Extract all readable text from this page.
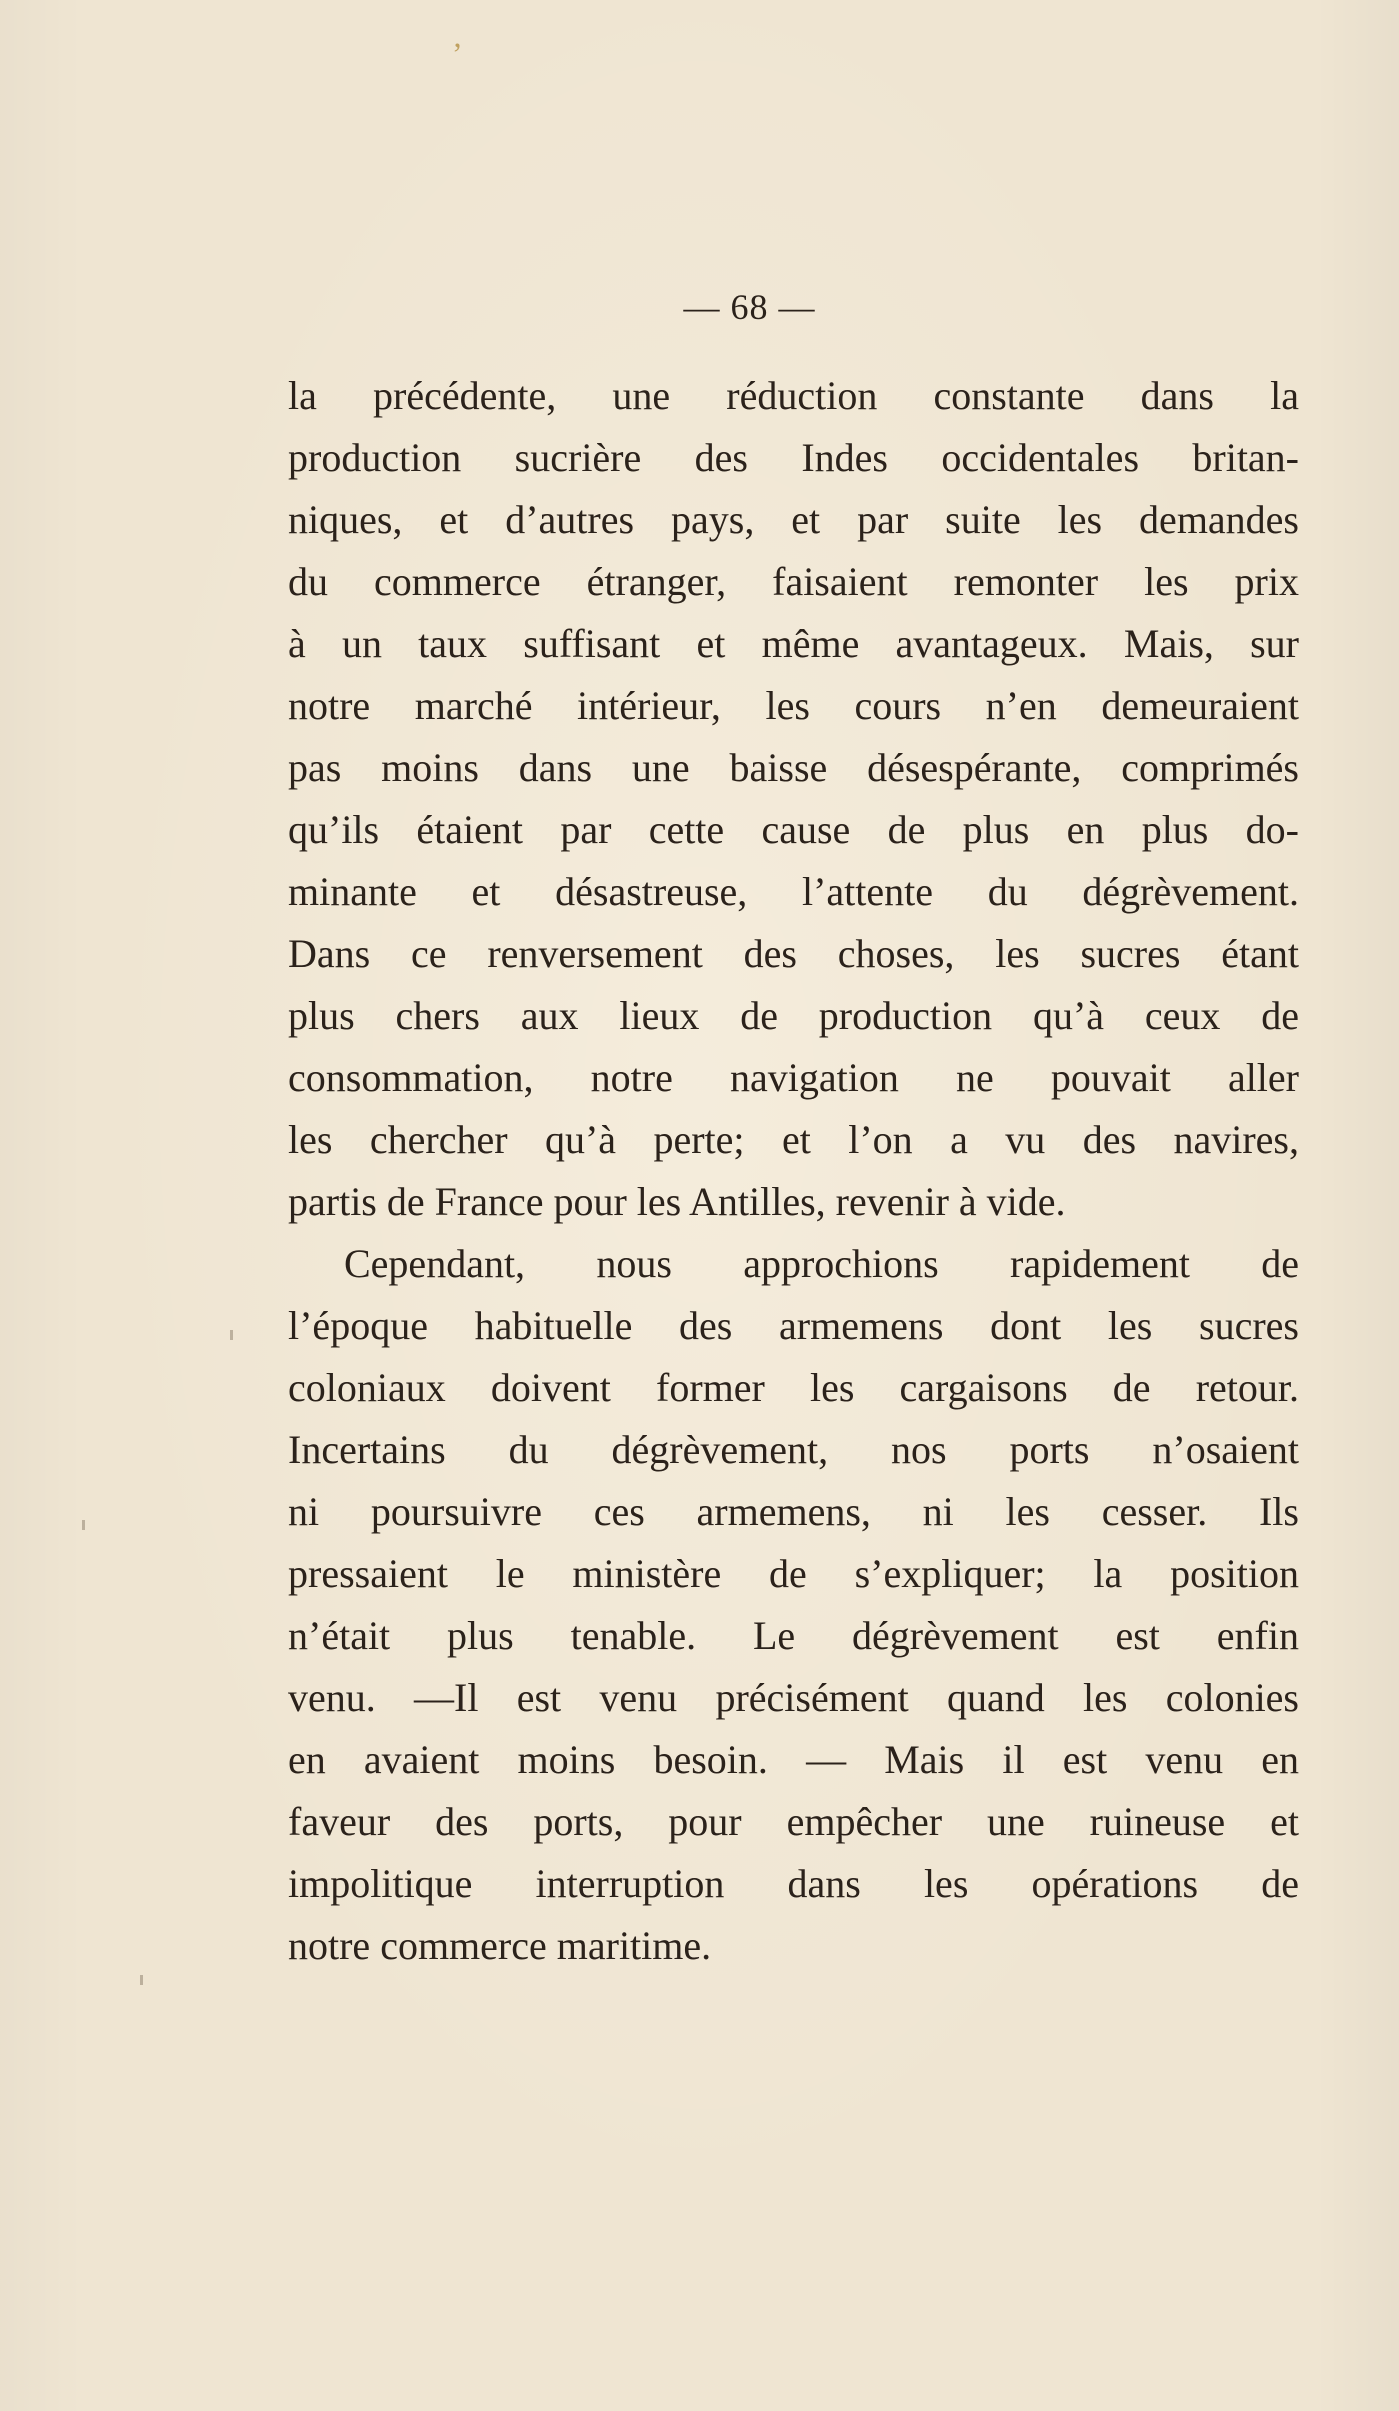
‚
— 68 —
la précédente, une réduction constante dans la
production sucrière des Indes occidentales britan-
niques, et d’autres pays, et par suite les demandes
du commerce étranger, faisaient remonter les prix
à un taux suffisant et même avantageux. Mais, sur
notre marché intérieur, les cours n’en demeuraient
pas moins dans une baisse désespérante, comprimés
qu’ils étaient par cette cause de plus en plus do-
minante et désastreuse, l’attente du dégrèvement.
Dans ce renversement des choses, les sucres étant
plus chers aux lieux de production qu’à ceux de
consommation, notre navigation ne pouvait aller
les chercher qu’à perte; et l’on a vu des navires,
partis de France pour les Antilles, revenir à vide.
Cependant, nous approchions rapidement de
l’époque habituelle des armemens dont les sucres
coloniaux doivent former les cargaisons de retour.
Incertains du dégrèvement, nos ports n’osaient
ni poursuivre ces armemens, ni les cesser. Ils
pressaient le ministère de s’expliquer; la position
n’était plus tenable. Le dégrèvement est enfin
venu. —Il est venu précisément quand les colonies
en avaient moins besoin. — Mais il est venu en
faveur des ports, pour empêcher une ruineuse et
impolitique interruption dans les opérations de
notre commerce maritime.
